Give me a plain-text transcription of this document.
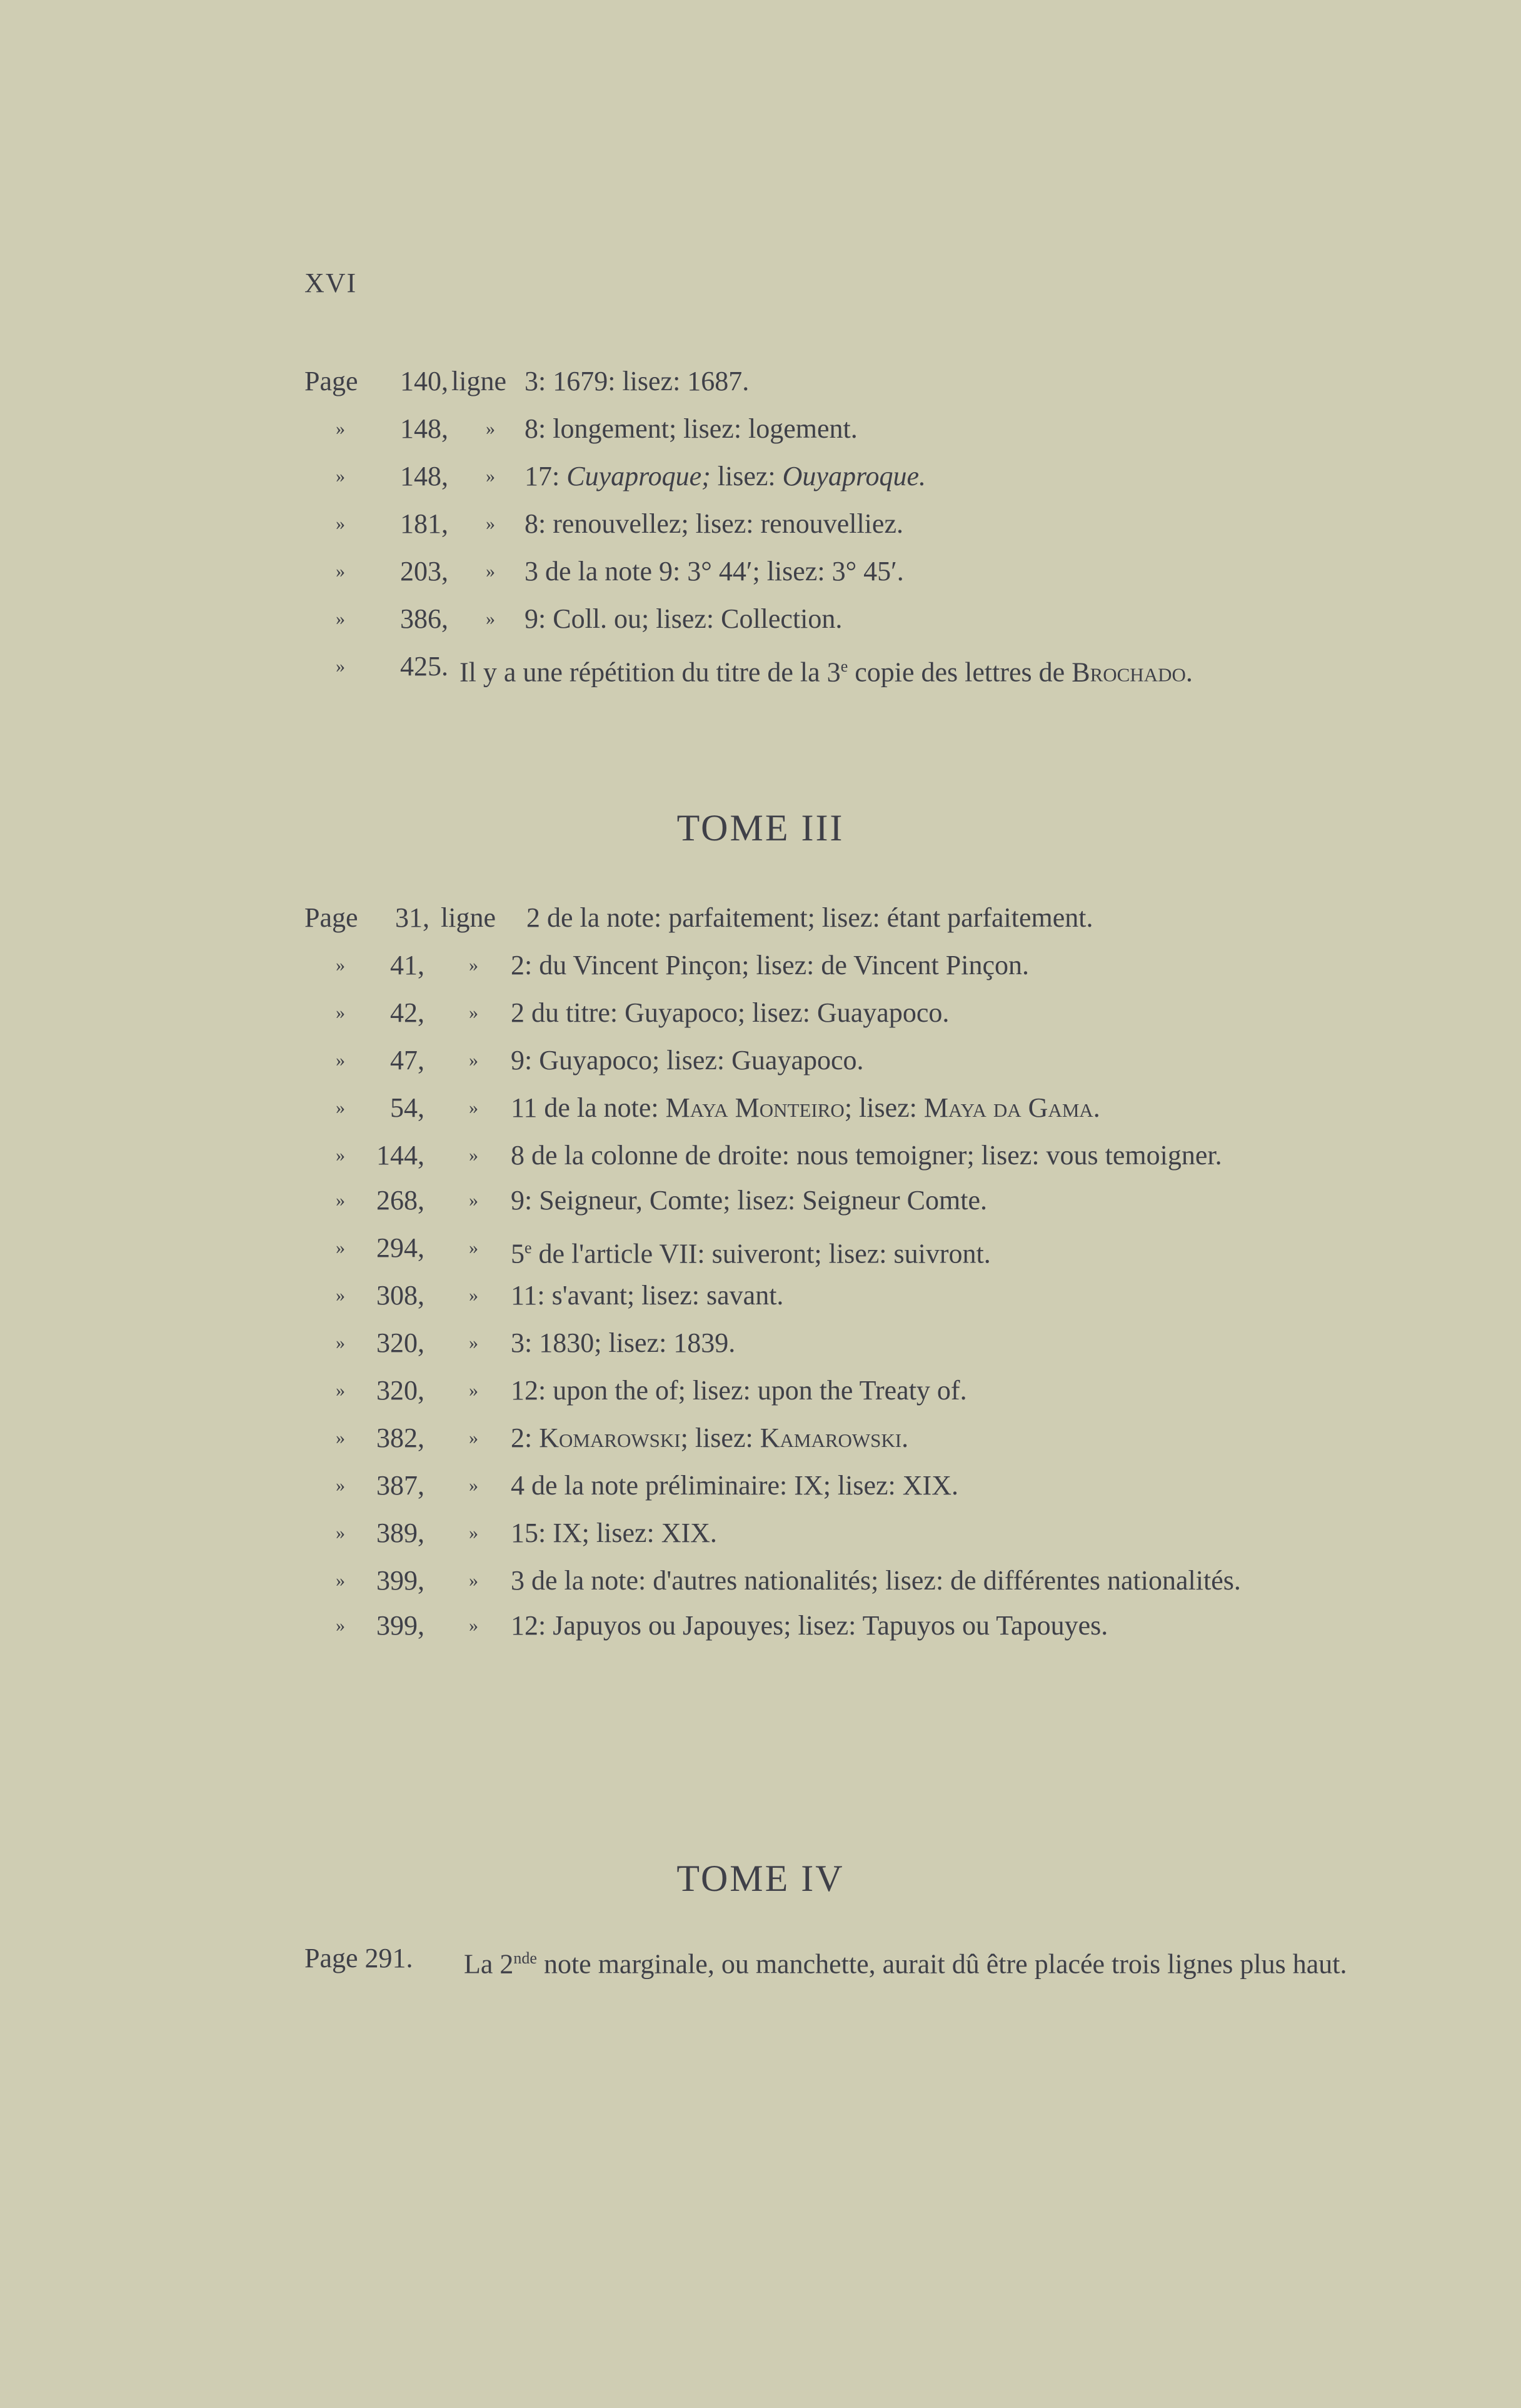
XVI
Page	140, ligne 3: 1679: lisez: 1687.
»	148, » 8: longement; lisez: logement.
»	148, » 17: Cuyaproque; lisez: Ouyaproque.
»	181, » 8: renouvellez; lisez: renouvelliez.
»	203, » 3 de la note 9: 3° 44′; lisez: 3° 45′.
»	386, » 9: Coll. ou; lisez: Collection.
»	425. Il y a une répétition du titre de la 3e copie des lettres de Brochado.
TOME III
Page	31, ligne 2 de la note: parfaitement; lisez: étant parfaitement.
»	41, » 2: du Vincent Pinçon; lisez: de Vincent Pinçon.
»	42, » 2 du titre: Guyapoco; lisez: Guayapoco.
»	47, » 9: Guyapoco; lisez: Guayapoco.
»	54, » 11 de la note: Maya Monteiro; lisez: Maya da Gama.
» 144, » 8 de la colonne de droite: nous temoigner; lisez: vous temoigner.
» 268, » 9: Seigneur, Comte; lisez: Seigneur Comte.
» 294, » 5e de l'article VII: suiveront; lisez: suivront.
» 308, » 11: s'avant; lisez: savant.
» 320, » 3: 1830; lisez: 1839.
» 320, » 12: upon the of; lisez: upon the Treaty of.
» 382, » 2: Komarowski; lisez: Kamarowski.
» 387, » 4 de la note préliminaire: IX; lisez: XIX.
» 389, » 15: IX; lisez: XIX.
» 399, » 3 de la note: d'autres nationalités; lisez: de différentes nationalités.
» 399, » 12: Japuyos ou Japouyes; lisez: Tapuyos ou Tapouyes.
TOME IV
Page 291. La 2nde note marginale, ou manchette, aurait dû être placée trois lignes plus haut.
